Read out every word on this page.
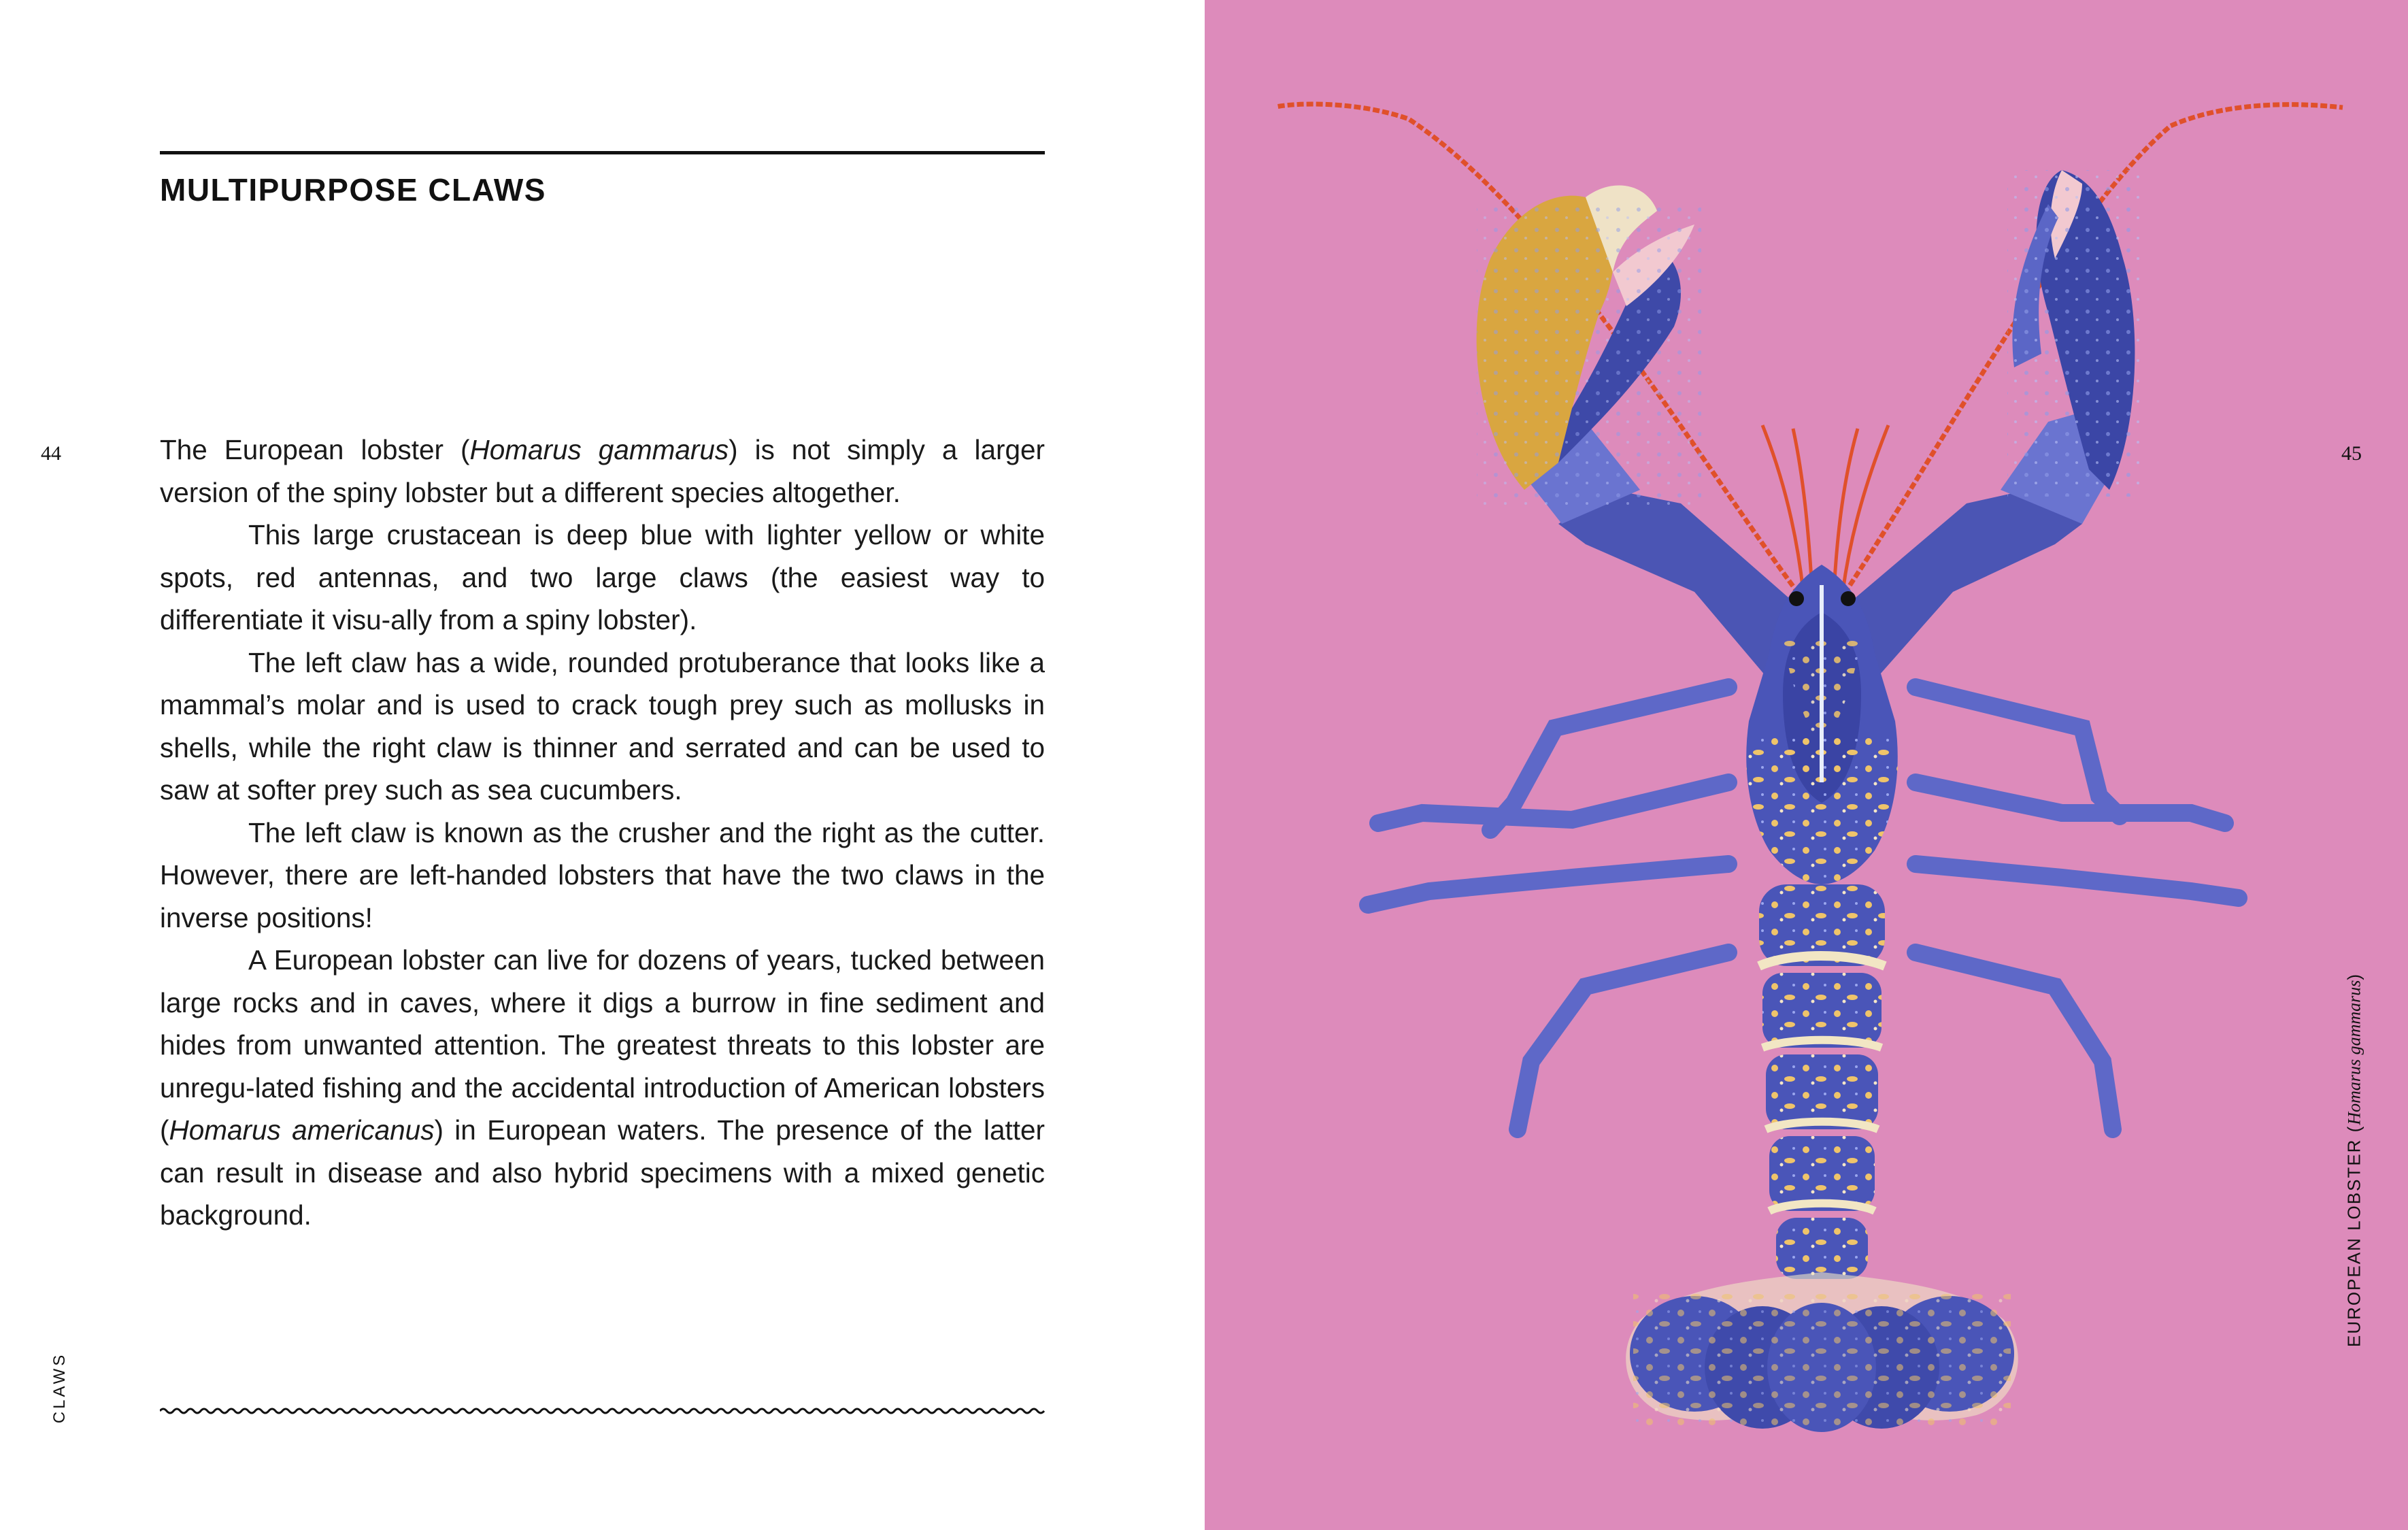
MULTIPURPOSE CLAWS
44	The European lobster (Homarus gammarus) is not simply a larger version of the spiny lobster but a different species altogether.

This large crustacean is deep blue with lighter yellow or white spots, red antennas, and two large claws (the easiest way to differentiate it visu-ally from a spiny lobster).

The left claw has a wide, rounded protuberance that looks like a mammal’s molar and is used to crack tough prey such as mollusks in shells, while the right claw is thinner and serrated and can be used to saw at softer prey such as sea cucumbers.

The left claw is known as the crusher and the right as the cutter. However, there are left-handed lobsters that have the two claws in the inverse positions!

A European lobster can live for dozens of years, tucked between large rocks and in caves, where it digs a burrow in fine sediment and hides from unwanted attention. The greatest threats to this lobster are unregu-lated fishing and the accidental introduction of American lobsters (Homarus americanus) in European waters. The presence of the latter can result in disease and also hybrid specimens with a mixed genetic background.

CLAWS
45
EUROPEAN LOBSTER (Homarus gammarus)
